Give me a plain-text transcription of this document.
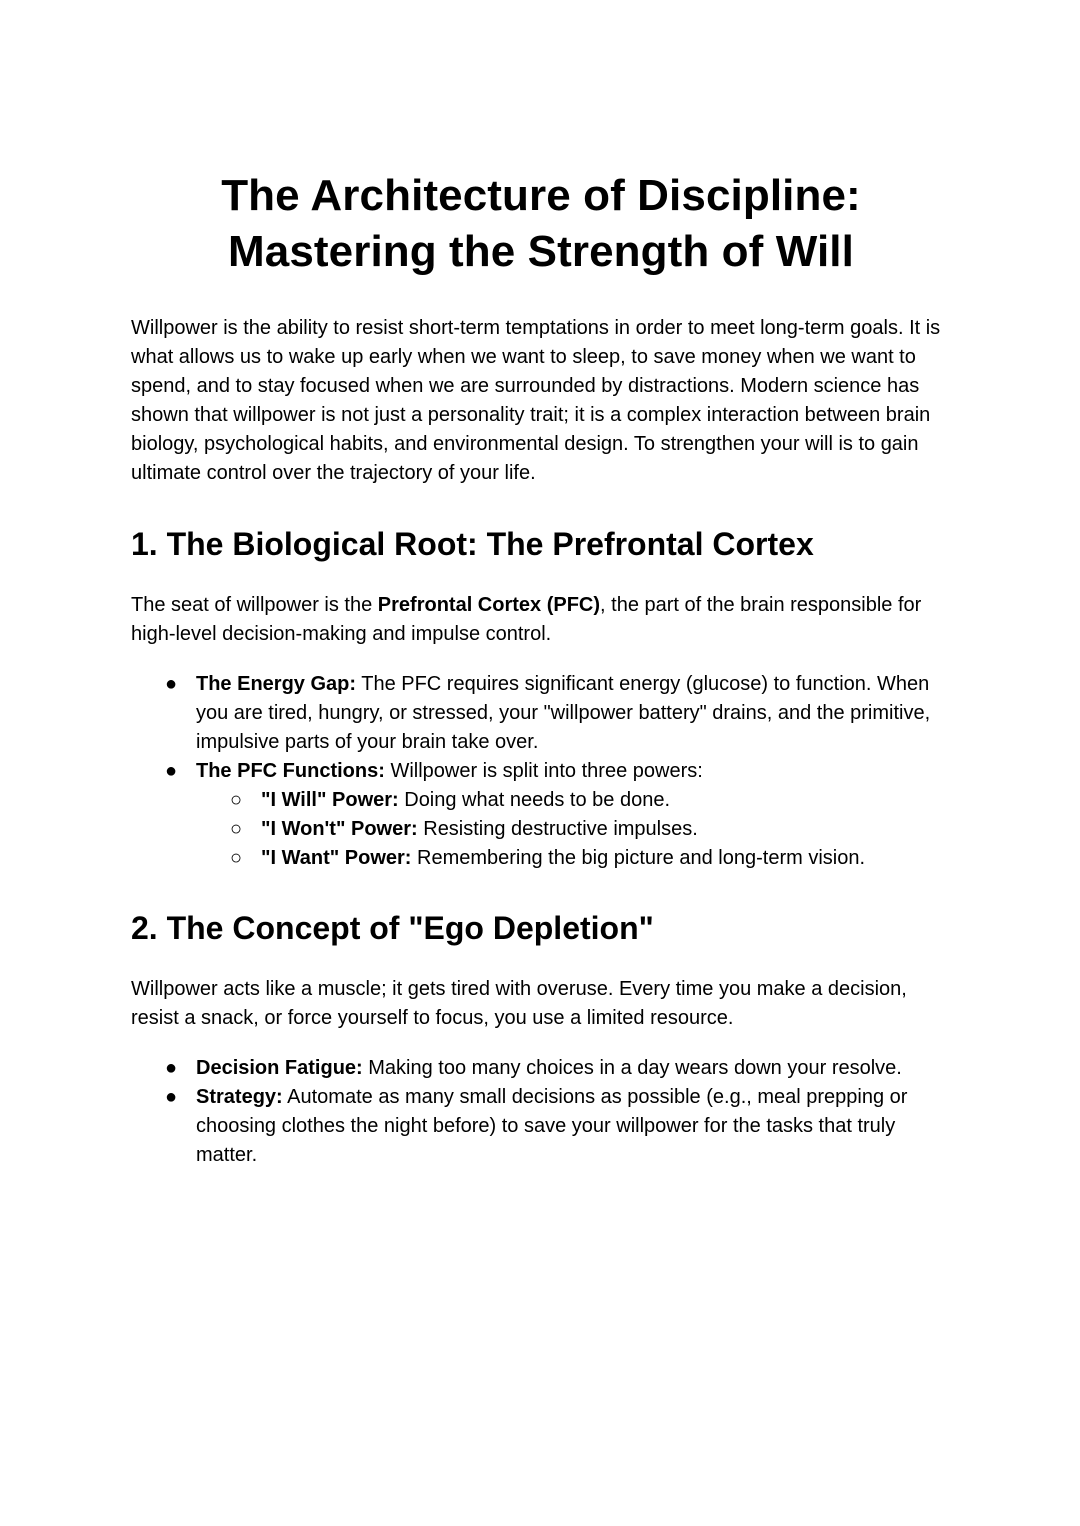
The Architecture of Discipline: Mastering the Strength of Will

Willpower is the ability to resist short-term temptations in order to meet long-term goals. It is what allows us to wake up early when we want to sleep, to save money when we want to spend, and to stay focused when we are surrounded by distractions. Modern science has shown that willpower is not just a personality trait; it is a complex interaction between brain biology, psychological habits, and environmental design. To strengthen your will is to gain ultimate control over the trajectory of your life.

1. The Biological Root: The Prefrontal Cortex

The seat of willpower is the Prefrontal Cortex (PFC), the part of the brain responsible for high-level decision-making and impulse control.

● The Energy Gap: The PFC requires significant energy (glucose) to function. When you are tired, hungry, or stressed, your "willpower battery" drains, and the primitive, impulsive parts of your brain take over.
● The PFC Functions: Willpower is split into three powers:
○ "I Will" Power: Doing what needs to be done.
○ "I Won't" Power: Resisting destructive impulses.
○ "I Want" Power: Remembering the big picture and long-term vision.
2. The Concept of "Ego Depletion"

Willpower acts like a muscle; it gets tired with overuse. Every time you make a decision, resist a snack, or force yourself to focus, you use a limited resource.

● Decision Fatigue: Making too many choices in a day wears down your resolve.
● Strategy: Automate as many small decisions as possible (e.g., meal prepping or choosing clothes the night before) to save your willpower for the tasks that truly matter.
